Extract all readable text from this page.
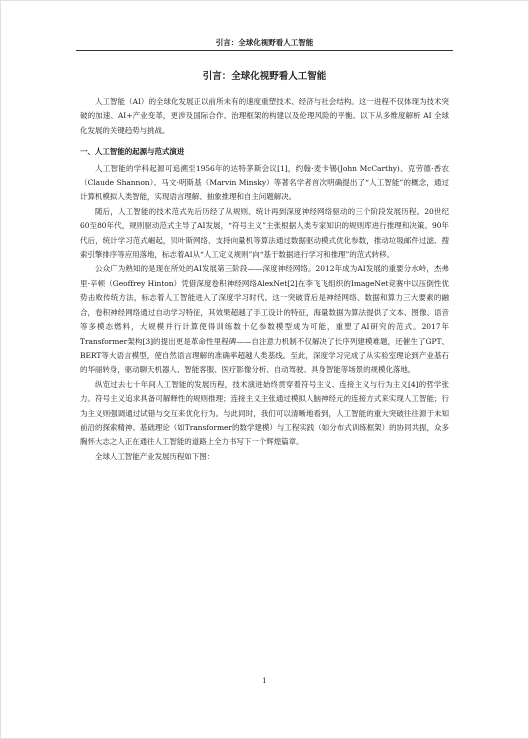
引言：全球化视野看人工智能
引言：全球化视野看人工智能

人工智能（AI）的全球化发展正以前所未有的速度重塑技术、经济与社会结构。这一进程不仅体现为技术突破的加速、AI+产业变革，更涉及国际合作、治理框架的构建以及伦理风险的平衡。以下从多维度解析 AI 全球化发展的关键趋势与挑战。

一、人工智能的起源与范式演进

人工智能的学科起源可追溯至1956年的达特茅斯会议[1]，约翰·麦卡锡(John McCarthy)、克劳德·香农（Claude Shannon）、马文·明斯基（Marvin Minsky）等著名学者首次明确提出了“人工智能”的概念，通过计算机模拟人类智能，实现语言理解、抽象推理和自主问题解决。

随后，人工智能的技术范式先后历经了从规则、统计再到深度神经网络驱动的三个阶段发展历程。20世纪60至80年代，规则驱动范式主导了AI发展，“符号主义”主张根据人类专家知识的规则库进行推理和决策。90年代后，统计学习范式崛起，贝叶斯网络、支持向量机等算法通过数据驱动模式优化参数，推动垃圾邮件过滤、搜索引擎排序等应用落地，标志着AI从“人工定义规则”向“基于数据进行学习和推理”的范式转移。

公众广为熟知的是现在所处的AI发展第三阶段——深度神经网络。2012年成为AI发展的重要分水岭，杰弗里·辛顿（Geoffrey Hinton）凭借深度卷积神经网络AlexNet[2]在李飞飞组织的ImageNet竞赛中以压倒性优势击败传统方法，标志着人工智能进入了深度学习时代。这一突破背后是神经网络、数据和算力三大要素的融合，卷积神经网络通过自动学习特征，其效果超越了手工设计的特征，海量数据为算法提供了文本、图像、语音等多模态燃料，大规模并行计算使得训练数十亿参数模型成为可能，重塑了AI研究的范式。2017年Transformer架构[3]的提出更是革命性里程碑——自注意力机制不仅解决了长序列建模难题，还催生了GPT、BERT等大语言模型，使自然语言理解的准确率超越人类基线。至此，深度学习完成了从实验室理论到产业基石的华丽转身，驱动聊天机器人、智能客服、医疗影像分析、自动驾驶、具身智能等场景的规模化落地。

纵览过去七十年间人工智能的发展历程，技术演进始终贯穿着符号主义、连接主义与行为主义[4]的哲学张力。符号主义追求具备可解释性的规则推理；连接主义主张通过模拟人脑神经元的连接方式来实现人工智能；行为主义则强调通过试错与交互来优化行为。与此同时，我们可以清晰地看到，人工智能的重大突破往往源于未知前沿的探索精神、基础理论（如Transformer的数学建模）与工程实践（如分布式训练框架）的协同共振，众多胸怀大志之人正在通往人工智能的道路上全力书写下一个辉煌篇章。

全球人工智能产业发展历程如下图：

1
